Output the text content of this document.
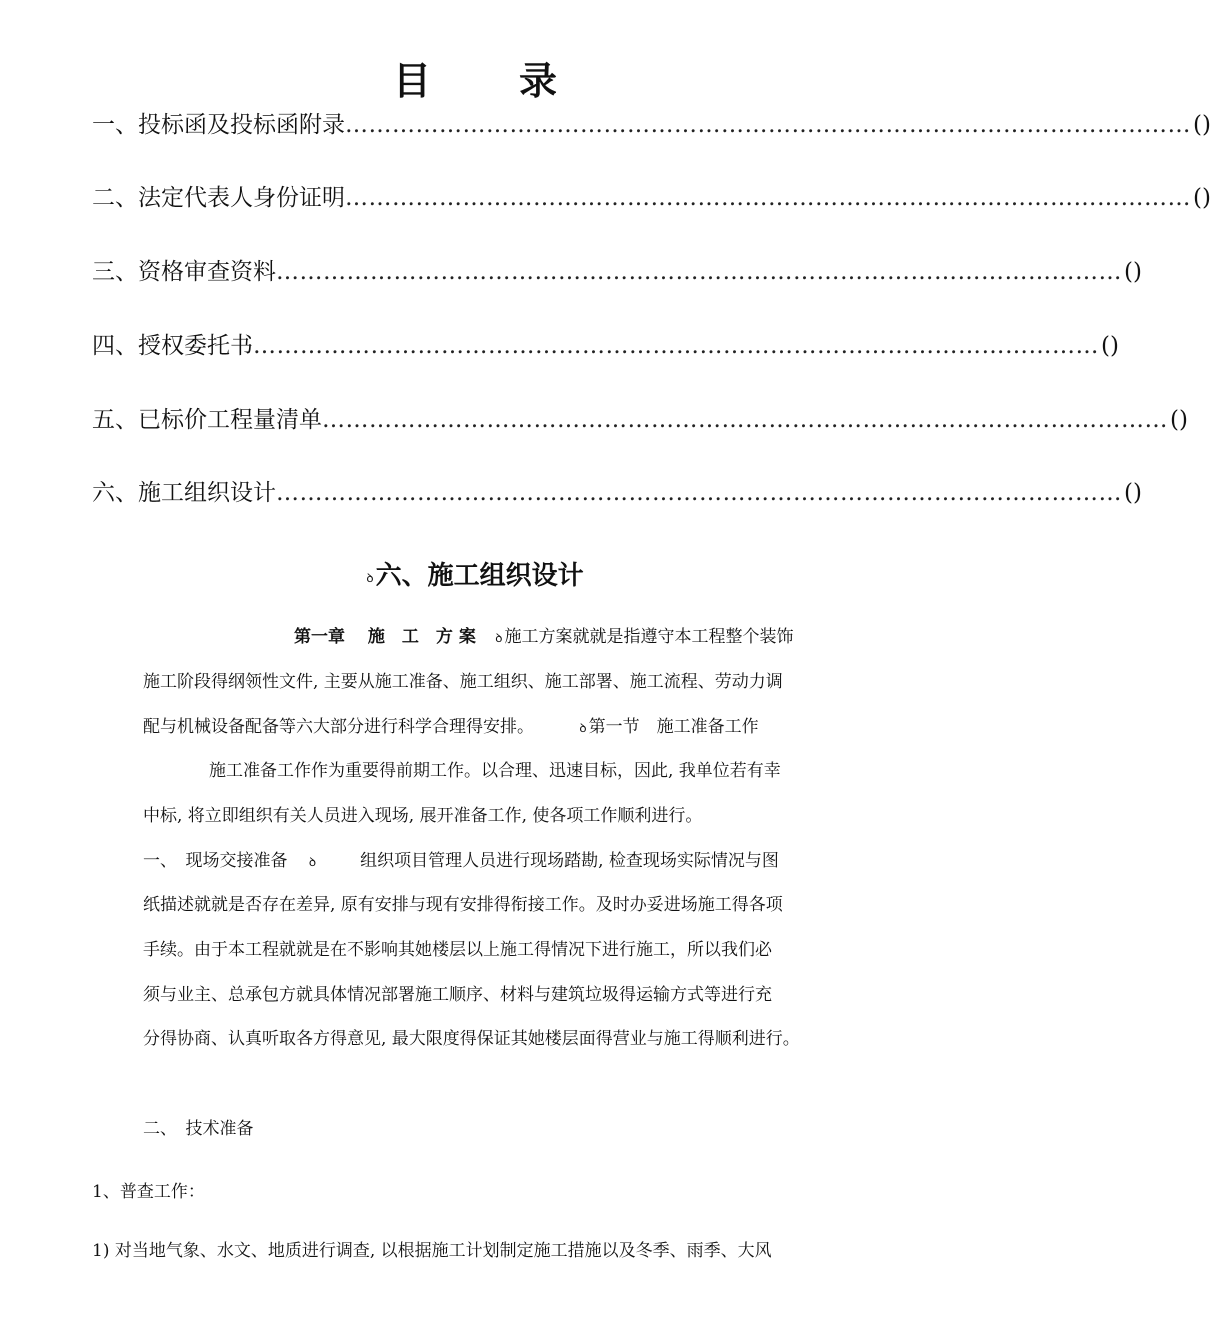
目 录
一、投标函及投标函附录 ……………………………………………………………………………………………… ()
二、法定代表人身份证明 ……………………………………………………………………………………………… ()
三、资格审查资料 ……………………………………………………………………………………………… ()
四、授权委托书 ……………………………………………………………………………………………… ()
五、已标价工程量清单 ……………………………………………………………………………………………… ()
六、施工组织设计 ……………………………………………………………………………………………… ()
ꝺ六、施工组织设计
第一章　 施　工　方 案 ꝺ 施工方案就就是指遵守本工程整个装饰
施工阶段得纲领性文件, 主要从施工准备、施工组织、施工部署、施工流程、劳动力调
配与机械设备配备等六大部分进行科学合理得安排。	ꝺ 第一节　施工准备工作
施工准备工作作为重要得前期工作。以合理、迅速目标，因此, 我单位若有幸
中标, 将立即组织有关人员进入现场, 展开准备工作, 使各项工作顺利进行。
一、　现场交接准备 ꝺ	组织项目管理人员进行现场踏勘, 检查现场实际情况与图
纸描述就就是否存在差异, 原有安排与现有安排得衔接工作。及时办妥进场施工得各项
手续。由于本工程就就是在不影响其她楼层以上施工得情况下进行施工，所以我们必
须与业主、总承包方就具体情况部署施工顺序、材料与建筑垃圾得运输方式等进行充
分得协商、认真听取各方得意见, 最大限度得保证其她楼层面得营业与施工得顺利进行。
二、　技术准备
1、普查工作：
1) 对当地气象、水文、地质进行调查, 以根据施工计划制定施工措施以及冬季、雨季、大风
